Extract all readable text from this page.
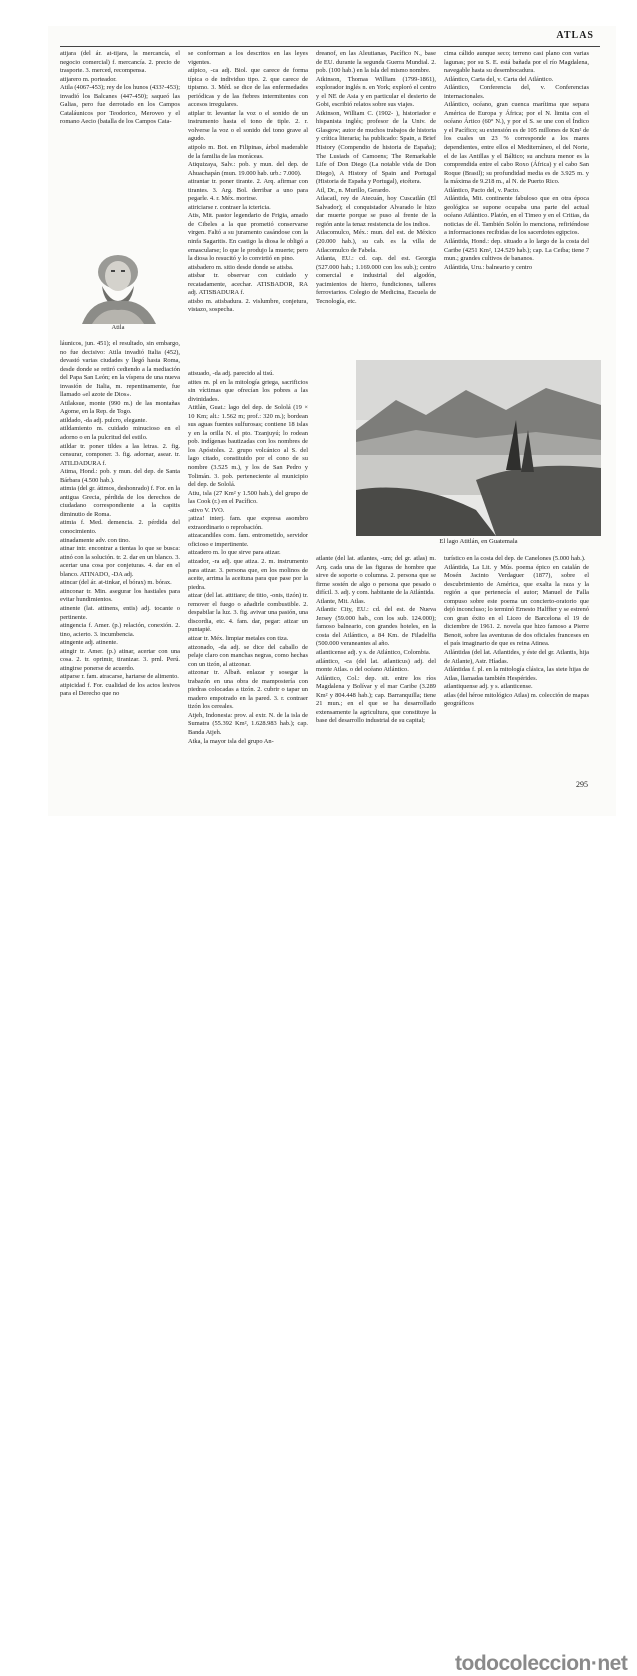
ATLAS

atijara (del ár. at-tijara, la mercancía, el negocio comercial) f. mercancía. 2. precio de trasporte. 3. merced, recompensa.

atijarero m. porteador.

Atila (4067-453); rey de los hunos (433?-453); invadió los Balcanes (447-450); saqueó las Galias, pero fue derrotado en los Campos Cataláunicos por Teodorico, Meroveo y el romano Aecio (batalla de los Campos Cata-

Atila

láunicos, jun. 451); el resultado, sin embargo, no fue decisivo: Atila invadió Italia (452), devastó varias ciudades y llegó hasta Roma, desde donde se retiró cediendo a la mediación del Papa San León; en la víspera de una nueva invasión de Italia, m. repentinamente, fue llamado «el azote de Dios».

Atilaksue, monte (990 m.) de las montañas Agome, en la Rep. de Togo.

atildado, -da adj. pulcro, elegante.

atildamiento m. cuidado minucioso en el adorno o en la pulcritud del estilo.

atildar tr. poner tildes a las letras. 2. fig. censurar, componer. 3. fig. adornar, asear. tr. ATILDADURA f.

Atima, Hond.: pob. y mun. del dep. de Santa Bárbara (4.500 hab.).

atimia (del gr. átimos, deshonrado) f. For. en la antigua Grecia, pérdida de los derechos de ciudadano correspondiente a la capitis diminutio de Roma.

atimia f. Med. demencia. 2. pérdida del conocimiento.

atinadamente adv. con tino.

atinar intr. encontrar a tientas lo que se busca: atinó con la solución. tr. 2. dar en un blanco. 3. acertar una cosa por conjeturas. 4. dar en el blanco. ATINADO, -DA adj.

atincar (del ár. at-tinkar, el bórax) m. bórax.

atinconar tr. Min. asegurar los hastiales para evitar hundimientos.

atinente (lat. attinens, entis) adj. tocante o pertinente.

atingencia f. Amer. (p.) relación, conexión. 2. tino, acierto. 3. incumbencia.

atingente adj. atinente.

atingir tr. Amer. (p.) atinar, acertar con una cosa. 2. tr. oprimir, tiranizar. 3. prnl. Perú. atingirse ponerse de acuerdo.

atiparse r. fam. atracarse, hartarse de alimento.

atipicidad f. For. cualidad de los actos lesivos para el Derecho que no

se conforman a los descritos en las leyes vigentes.

atípico, -ca adj. Biol. que carece de forma típica o de individuo tipo. 2. que carece de tipismo. 3. Méd. se dice de las enfermedades periódicas y de las fiebres intermitentes con accesos irregulares.

atiplar tr. levantar la voz o el sonido de un instrumento hasta el tono de tiple. 2. r. volverse la voz o el sonido del tono grave al agudo.

atipolo m. Bot. en Filipinas, árbol maderable de la familia de las moráceas.

Atiquizaya, Salv.: pob. y mun. del dep. de Ahuachapán (mun. 19.000 hab. urb.: 7.000).

atirantar tr. poner tirante. 2. Arq. afirmar con tirantes. 3. Arg. Bol. derribar a uno para pegarle. 4. r. Méx. morirse.

atiriciarse r. contraer la ictericia.

Atis, Mit. pastor legendario de Frigia, amado de Cibeles a la que prometió conservarse virgen. Faltó a su juramento casándose con la ninfa Sagaritis. En castigo la diosa le obligó a emascularse; lo que le produjo la muerte; pero la diosa lo resucitó y lo convirtió en pino.

atisbadero m. sitio desde donde se atisba.

atisbar tr. observar con cuidado y recatadamente, acechar. ATISBADOR, RA adj. ATISBADURA f.

atisbo m. atisbadura. 2. vislumbre, conjetura, vistazo, sospecha.

atisuado, -da adj. parecido al tisú.

atites m. pl en la mitología griega, sacrificios sin víctimas que ofrecían los pobres a las divinidades.

Atitlán, Guat.: lago del dep. de Sololá (19 × 10 Km; alt.: 1.562 m; prof.: 320 m.); bordean sus aguas fuentes sulfurosas; contiene 18 islas y en la orilla N. el pto. Tzanjuyú; lo rodean pob. indígenas bautizadas con los nombres de los Apóstoles. 2. grupo volcánico al S. del lago citado, constituido por el cono de su nombre (3.525 m.), y los de San Pedro y Tolimán. 3. pob. perteneciente al municipio del dep. de Sololá.

Atiu, isla (27 Km² y 1.500 hab.), del grupo de las Cook (r.) en el Pacífico.

-ativo V. IVO.

¡atiza! interj. fam. que expresa asombro extraordinario o reprobación.

atizacandiles com. fam. entrometido, servidor oficioso e impertinente.

atizadero m. lo que sirve para atizar.

atizador, -ra adj. que atiza. 2. m. instrumento para atizar. 3. persona que, en los molinos de aceite, arrima la aceituna para que pase por la piedra.

atizar (del lat. attitiare; de titio, -onis, tizón) tr. remover el fuego o añadirle combustible. 2. despabilar la luz. 3. fig. avivar una pasión, una discordia, etc. 4. fam. dar, pegar: atizar un puntapié.

atizar tr. Méx. limpiar metales con tiza.

atizonado, -da adj. se dice del caballo de pelaje claro con manchas negras, como hechas con un tizón, al atizonar.

atizonar tr. Albañ. enlazar y sosegar la trabazón en una obra de mampostería con piedras colocadas a tizón. 2. cubrir o tapar un madero empotrado en la pared. 3. r. contraer tizón los cereales.

Atjeh, Indonesia: prov. al extr. N. de la isla de Sumatra (55.392 Km², 1.628.983 hab.); cap. Banda Atjeh.

Atka, la mayor isla del grupo An-

dreanof, en las Aleutianas, Pacífico N., base de EU. durante la segunda Guerra Mundial. 2. pob. (100 hab.) en la isla del mismo nombre.

Atkinson, Thomas William (1799-1861), explorador inglés n. en York; exploró el centro y el NE de Asia y en particular el desierto de Gobi, escribió relatos sobre sus viajes.

Atkinson, William C. (1902- ), historiador e hispanista inglés; profesor de la Univ. de Glasgow; autor de muchos trabajos de historia y crítica literaria; ha publicado: Spain, a Brief History (Compendio de historia de España); The Lusiads of Camoens; The Remarkable Life of Don Diego (La notable vida de Don Diego), A History of Spain and Portugal (Historia de España y Portugal), etcétera.

Atl, Dr., n. Murillo, Gerardo.

Atlacatl, rey de Atecuán, hoy Cuscatlán (El Salvador); el conquistador Alvarado le hizo dar muerte porque se puso al frente de la región ante la tenaz resistencia de los indios.

Atlacomulco, Méx.: mun. del est. de México (20.000 hab.), su cab. es la villa de Atlacomulco de Fabela.

Atlanta, EU.: cd. cap. del est. Georgia (527.000 hab.; 1.169.000 con los sub.); centro comercial e industrial del algodón, yacimientos de hierro, fundiciones, talleres ferroviarios. Colegio de Medicina, Escuela de Tecnología, etc.

cima cálido aunque seco; terreno casi plano con varias lagunas; por su S. E. está bañada por el río Magdalena, navegable hasta su desembocadura.

Atlántico, Carta del, v. Carta del Atlántico.

Atlántico, Conferencia del, v. Conferencias internacionales.

Atlántico, océano, gran cuenca marítima que separa América de Europa y África; por el N. limita con el océano Ártico (60° N.), y por el S. se une con el Índico y el Pacífico; su extensión es de 105 millones de Km² de los cuales un 23 % corresponde a los mares dependientes, entre ellos el Mediterráneo, el del Norte, el de las Antillas y el Báltico; su anchura menor es la comprendida entre el cabo Roxo (África) y el cabo San Roque (Brasil); su profundidad media es de 3.925 m. y la máxima de 9.218 m., al N. de Puerto Rico.

Atlántico, Pacto del, v. Pacto.

Atlántida, Mit. continente fabuloso que en otra época geológica se supone ocupaba una parte del actual océano Atlántico. Platón, en el Timeo y en el Critias, da noticias de él. También Solón lo menciona, refiriéndose a informaciones recibidas de los sacerdotes egipcios.

Atlántida, Hond.: dep. situado a lo largo de la costa del Caribe (4251 Km², 124.529 hab.); cap. La Ceiba; tiene 7 mun.; grandes cultivos de bananos.

Atlántida, Uru.: balneario y centro

El lago Atitlán, en Guatemala

atlante (del lat. atlantes, -um; del gr. atlas) m. Arq. cada una de las figuras de hombre que sirve de soporte o columna. 2. persona que se firme sostén de algo o persona que pesado o difícil. 3. adj. y com. habitante de la Atlántida.

Atlante, Mit. Atlas.

Atlantic City, EU.: cd. del est. de Nueva Jersey (59.000 hab., con los sub. 124.000); famoso balneario, con grandes hoteles, en la costa del Atlántico, a 84 Km. de Filadelfia (500.000 veraneantes al año.

atlanticense adj. y s. de Atlántico, Colombia.

atlántico, -ca (del lat. atlanticus) adj. del monte Atlas. o del océano Atlántico.

Atlántico, Col.: dep. sit. entre los ríos Magdalena y Bolívar y el mar Caribe (3.289 Km² y 804.448 hab.); cap. Barranquilla; tiene 21 mun.; en el que se ha desarrollado extensamente la agricultura, que constituye la base del desarrollo industrial de su capital;

turístico en la costa del dep. de Canelones (5.000 hab.).

Atlántida, La Lit. y Mús. poema épico en catalán de Mosén Jacinto Verdaguer (1877), sobre el descubrimiento de América, que exalta la raza y la región a que pertenecía el autor; Manuel de Falla compuso sobre este poema un concierto-oratorio que dejó inconcluso; lo terminó Ernesto Halffter y se estrenó con gran éxito en el Liceo de Barcelona el 19 de diciembre de 1961. 2. novela que hizo famoso a Pierre Benoit, sobre las aventuras de dos oficiales franceses en el país imaginario de que es reina Atinea.

Atlántidas (del lat. Atlantides, y éste del gr. Atlantis, hija de Atlante), Astr. Híadas.

Atlántidas f. pl. en la mitología clásica, las siete hijas de Atlas, llamadas también Hespérides.

atlantiquense adj. y s. atlanticense.

atlas (del héroe mitológico Atlas) m. colección de mapas geográficos

295
todocoleccion·net
